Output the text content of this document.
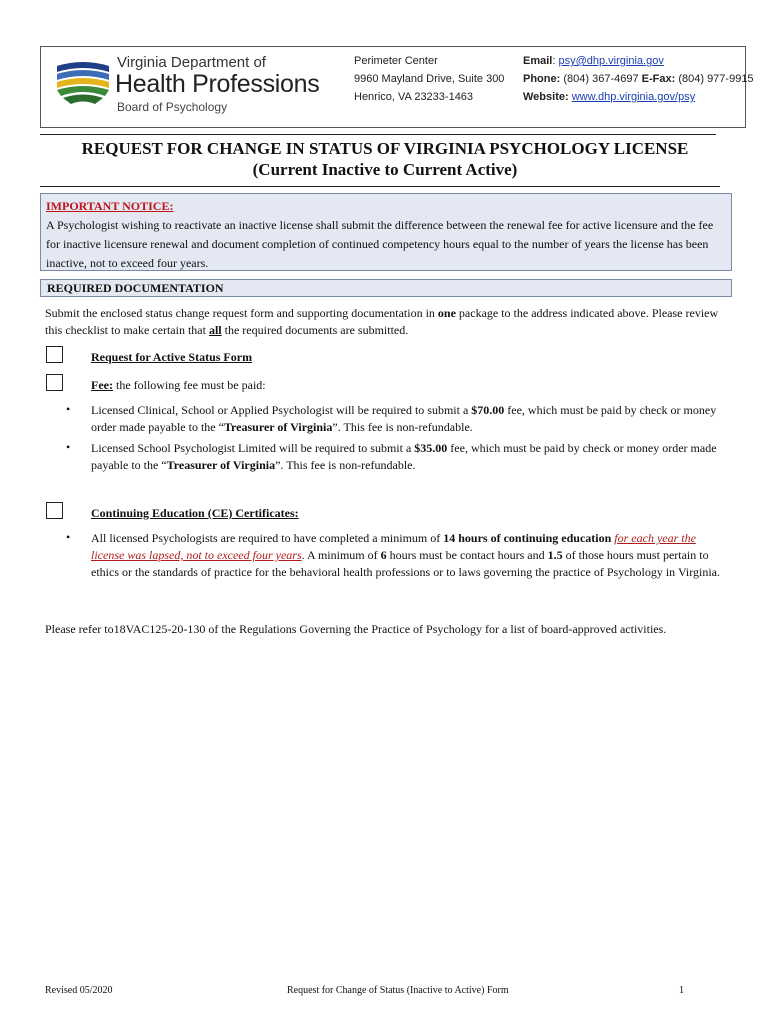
Virginia Department of
Health Professions
Board of Psychology
Perimeter Center
9960 Mayland Drive, Suite 300
Henrico, VA 23233-1463
Email: psy@dhp.virginia.gov
Phone: (804) 367-4697 E-Fax: (804) 977-9915
Website: www.dhp.virginia.gov/psy
REQUEST FOR CHANGE IN STATUS OF VIRGINIA PSYCHOLOGY LICENSE
(Current Inactive to Current Active)
IMPORTANT NOTICE:
A Psychologist wishing to reactivate an inactive license shall submit the difference between the renewal fee for active licensure and the fee for inactive licensure renewal and document completion of continued competency hours equal to the number of years the license has been inactive, not to exceed four years.
REQUIRED DOCUMENTATION
Submit the enclosed status change request form and supporting documentation in one package to the address indicated above. Please review this checklist to make certain that all the required documents are submitted.
Request for Active Status Form
Fee: the following fee must be paid:
• Licensed Clinical, School or Applied Psychologist will be required to submit a $70.00 fee, which must be paid by check or money order made payable to the “Treasurer of Virginia”. This fee is non-refundable.
• Licensed School Psychologist Limited will be required to submit a $35.00 fee, which must be paid by check or money order made payable to the “Treasurer of Virginia”. This fee is non-refundable.
Continuing Education (CE) Certificates:
• All licensed Psychologists are required to have completed a minimum of 14 hours of continuing education for each year the license was lapsed, not to exceed four years. A minimum of 6 hours must be contact hours and 1.5 of those hours must pertain to ethics or the standards of practice for the behavioral health professions or to laws governing the practice of Psychology in Virginia.
Please refer to18VAC125-20-130 of the Regulations Governing the Practice of Psychology for a list of board-approved activities.
Revised 05/2020	Request for Change of Status (Inactive to Active) Form	1
